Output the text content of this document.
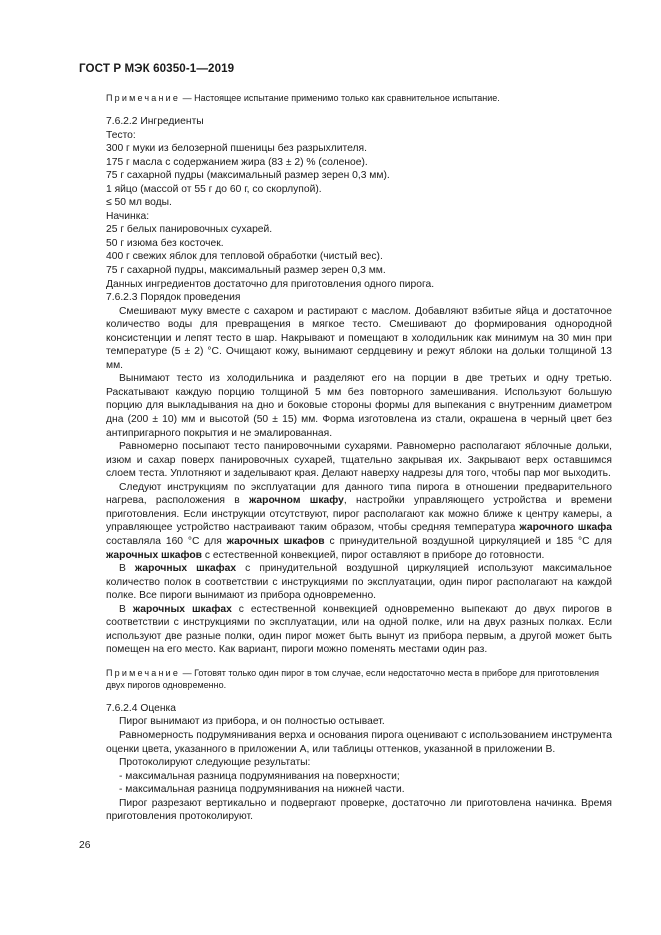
ГОСТ Р МЭК 60350-1—2019
Примечание — Настоящее испытание применимо только как сравнительное испытание.
7.6.2.2 Ингредиенты
Тесто:
300 г муки из белозерной пшеницы без разрыхлителя.
175 г масла с содержанием жира (83 ± 2) % (соленое).
75 г сахарной пудры (максимальный размер зерен 0,3 мм).
1 яйцо (массой от 55 г до 60 г, со скорлупой).
≤ 50 мл воды.
Начинка:
25 г белых панировочных сухарей.
50 г изюма без косточек.
400 г свежих яблок для тепловой обработки (чистый вес).
75 г сахарной пудры, максимальный размер зерен 0,3 мм.
Данных ингредиентов достаточно для приготовления одного пирога.
7.6.2.3 Порядок проведения

Смешивают муку вместе с сахаром и растирают с маслом. Добавляют взбитые яйца и достаточное количество воды для превращения в мягкое тесто. Смешивают до формирования однородной консистенции и лепят тесто в шар. Накрывают и помещают в холодильник как минимум на 30 мин при температуре (5 ± 2) °C. Очищают кожу, вынимают сердцевину и режут яблоки на дольки толщиной 13 мм.

Вынимают тесто из холодильника и разделяют его на порции в две третьих и одну третью. Раскатывают каждую порцию толщиной 5 мм без повторного замешивания. Используют большую порцию для выкладывания на дно и боковые стороны формы для выпекания с внутренним диаметром дна (200 ± 10) мм и высотой (50 ± 15) мм. Форма изготовлена из стали, окрашена в черный цвет без антипригарного покрытия и не эмалированная.

Равномерно посыпают тесто панировочными сухарями. Равномерно располагают яблочные дольки, изюм и сахар поверх панировочных сухарей, тщательно закрывая их. Закрывают верх оставшимся слоем теста. Уплотняют и заделывают края. Делают наверху надрезы для того, чтобы пар мог выходить.

Следуют инструкциям по эксплуатации для данного типа пирога в отношении предварительного нагрева, расположения в жарочном шкафу, настройки управляющего устройства и времени приготовления. Если инструкции отсутствуют, пирог располагают как можно ближе к центру камеры, а управляющее устройство настраивают таким образом, чтобы средняя температура жарочного шкафа составляла 160 °C для жарочных шкафов с принудительной воздушной циркуляцией и 185 °C для жарочных шкафов с естественной конвекцией, пирог оставляют в приборе до готовности.

В жарочных шкафах с принудительной воздушной циркуляцией используют максимальное количество полок в соответствии с инструкциями по эксплуатации, один пирог располагают на каждой полке. Все пироги вынимают из прибора одновременно.

В жарочных шкафах с естественной конвекцией одновременно выпекают до двух пирогов в соответствии с инструкциями по эксплуатации, или на одной полке, или на двух разных полках. Если используют две разные полки, один пирог может быть вынут из прибора первым, а другой может быть помещен на его место. Как вариант, пироги можно поменять местами один раз.

Примечание — Готовят только один пирог в том случае, если недостаточно места в приборе для приготовления двух пирогов одновременно.
7.6.2.4 Оценка

Пирог вынимают из прибора, и он полностью остывает.

Равномерность подрумянивания верха и основания пирога оценивают с использованием инструмента оценки цвета, указанного в приложении А, или таблицы оттенков, указанной в приложении В.

Протоколируют следующие результаты:

- максимальная разница подрумянивания на поверхности;

- максимальная разница подрумянивания на нижней части.

Пирог разрезают вертикально и подвергают проверке, достаточно ли приготовлена начинка. Время приготовления протоколируют.

26
